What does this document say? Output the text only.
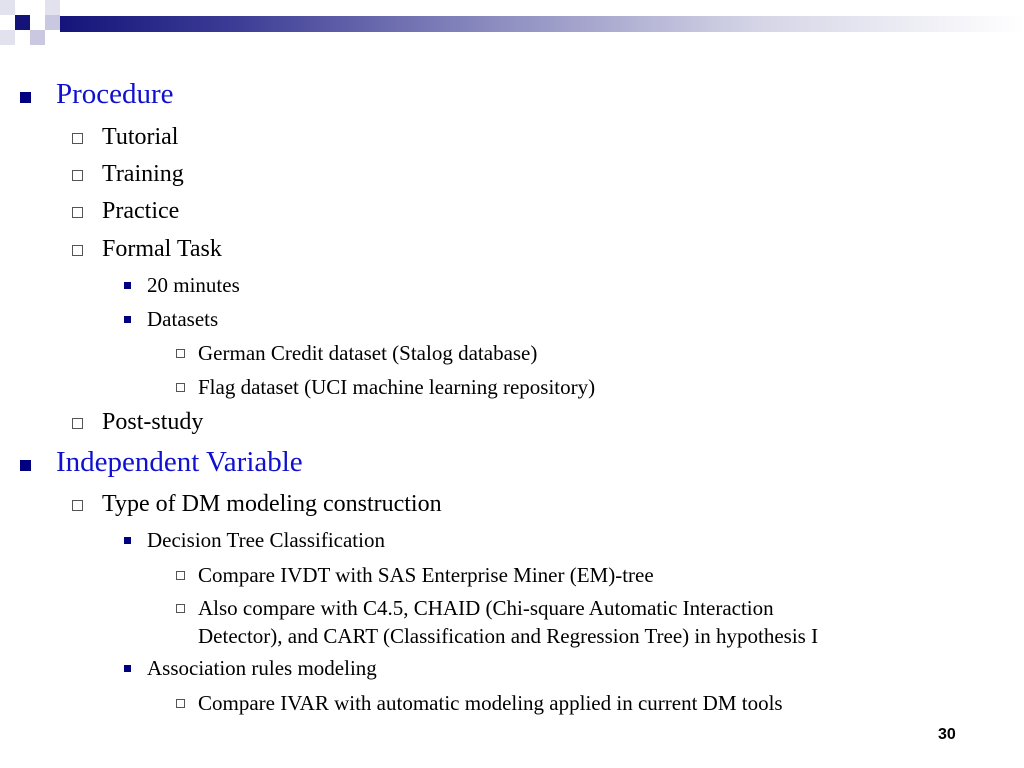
Procedure
Tutorial
Training
Practice
Formal Task
20 minutes
Datasets
German Credit dataset (Stalog database)
Flag dataset (UCI machine learning repository)
Post-study
Independent Variable
Type of DM modeling construction
Decision Tree Classification
Compare IVDT with SAS Enterprise Miner (EM)-tree
Also compare with C4.5, CHAID (Chi-square Automatic Interaction
Detector), and CART (Classification and Regression Tree) in hypothesis I
Association rules modeling
Compare IVAR with automatic modeling applied in current DM tools
30
